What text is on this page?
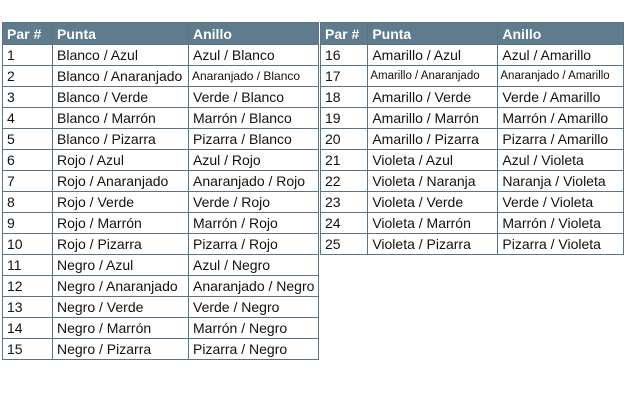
Par #	Punta	Anillo
1	Blanco / Azul	Azul / Blanco
2	Blanco / Anaranjado	Anaranjado / Blanco
3	Blanco / Verde	Verde / Blanco
4	Blanco / Marrón	Marrón / Blanco
5	Blanco / Pizarra	Pizarra / Blanco
6	Rojo / Azul	Azul / Rojo
7	Rojo / Anaranjado	Anaranjado / Rojo
8	Rojo / Verde	Verde / Rojo
9	Rojo / Marrón	Marrón / Rojo
10	Rojo / Pizarra	Pizarra / Rojo
11	Negro / Azul	Azul / Negro
12	Negro / Anaranjado	Anaranjado / Negro
13	Negro / Verde	Verde / Negro
14	Negro / Marrón	Marrón / Negro
15	Negro / Pizarra	Pizarra / Negro
Par #	Punta	Anillo
16	Amarillo / Azul	Azul / Amarillo
17	Amarillo / Anaranjado	Anaranjado / Amarillo
18	Amarillo / Verde	Verde / Amarillo
19	Amarillo / Marrón	Marrón / Amarillo
20	Amarillo / Pizarra	Pizarra / Amarillo
21	Violeta / Azul	Azul / Violeta
22	Violeta / Naranja	Naranja / Violeta
23	Violeta / Verde	Verde / Violeta
24	Violeta / Marrón	Marrón / Violeta
25	Violeta / Pizarra	Pizarra / Violeta
